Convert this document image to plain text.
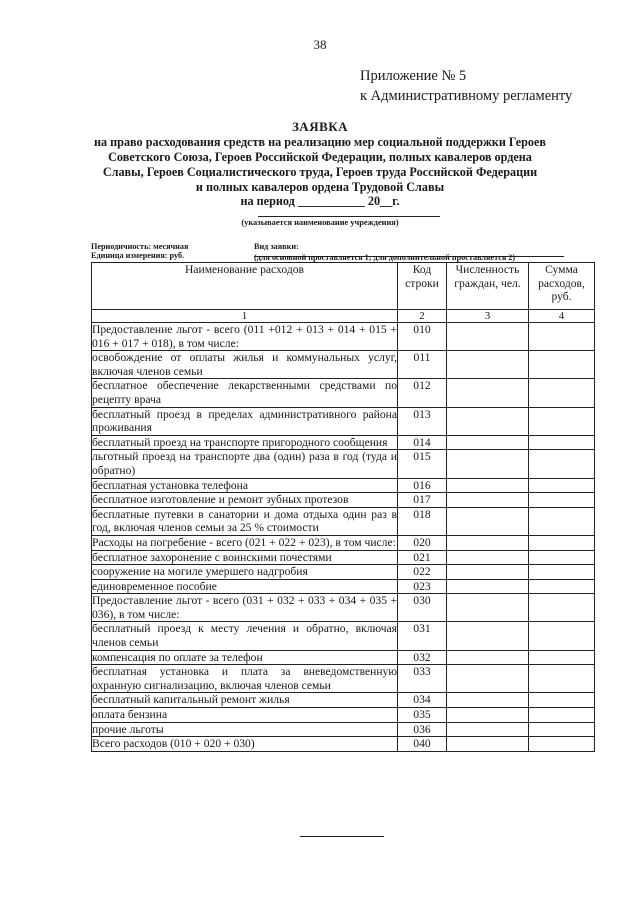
38
Приложение № 5
к Административному регламенту
ЗАЯВКА
на право расходования средств на реализацию мер социальной поддержки Героев
Советского Союза, Героев Российской Федерации, полных кавалеров ордена
Славы, Героев Социалистического труда, Героев труда Российской Федерации
и полных кавалеров ордена Трудовой Славы
на период ___________ 20__г.
(указывается наименование учреждения)
Периодичность: месячная
Единица измерения: руб.
Вид заявки:
(для основной проставляется 1; для дополнительной проставляется 2)
Наименование расходов	Код строки	Численность граждан, чел.	Сумма расходов, руб.
1	2	3	4
Предоставление льгот - всего (011 +012 + 013 + 014 + 015 + 016 + 017 + 018), в том числе:	010		
освобождение от оплаты жилья и коммунальных услуг, включая членов семьи	011		
бесплатное обеспечение лекарственными средствами по рецепту врача	012		
бесплатный проезд в пределах административного района проживания	013		
бесплатный проезд на транспорте пригородного сообщения	014		
льготный проезд на транспорте два (один) раза в год (туда и обратно)	015		
бесплатная установка телефона	016		
бесплатное изготовление и ремонт зубных протезов	017		
бесплатные путевки в санатории и дома отдыха один раз в год, включая членов семьи за 25 % стоимости	018		
Расходы на погребение - всего (021 + 022 + 023), в том числе:	020		
бесплатное захоронение с воинскими почестями	021		
сооружение на могиле умершего надгробия	022		
единовременное пособие	023		
Предоставление льгот - всего (031 + 032 + 033 + 034 + 035 + 036), в том числе:	030		
бесплатный проезд к месту лечения и обратно, включая членов семьи	031		
компенсация по оплате за телефон	032		
бесплатная установка и плата за вневедомственную охранную сигнализацию, включая членов семьи	033		
бесплатный капитальный ремонт жилья	034		
оплата бензина	035		
прочие льготы	036		
Всего расходов (010 + 020 + 030)	040		
